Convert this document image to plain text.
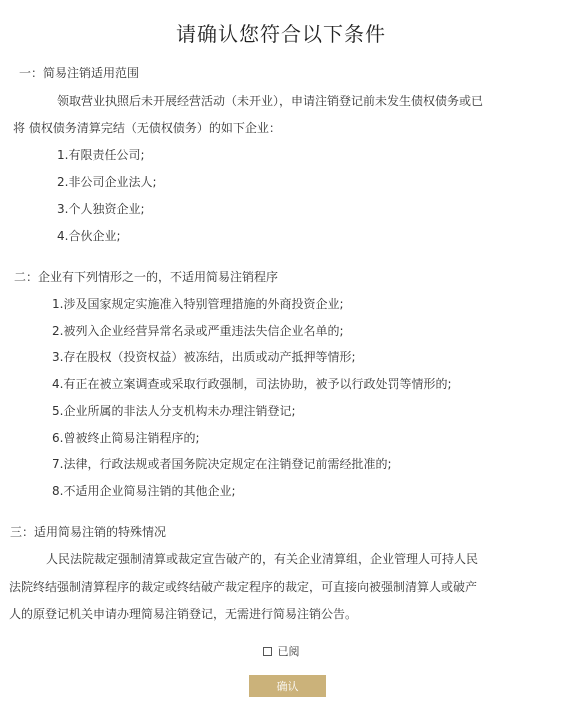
请确认您符合以下条件
一：简易注销适用范围
领取营业执照后未开展经营活动（未开业），申请注销登记前未发生债权债务或已
将 债权债务清算完结（无债权债务）的如下企业：
1.有限责任公司;
2.非公司企业法人;
3.个人独资企业;
4.合伙企业;
二：企业有下列情形之一的，不适用简易注销程序
1.涉及国家规定实施准入特别管理措施的外商投资企业;
2.被列入企业经营异常名录或严重违法失信企业名单的;
3.存在股权（投资权益）被冻结，出质或动产抵押等情形;
4.有正在被立案调查或采取行政强制，司法协助，被予以行政处罚等情形的;
5.企业所属的非法人分支机构未办理注销登记;
6.曾被终止简易注销程序的;
7.法律，行政法规或者国务院决定规定在注销登记前需经批准的;
8.不适用企业简易注销的其他企业;
三：适用简易注销的特殊情况
人民法院裁定强制清算或裁定宣告破产的，有关企业清算组，企业管理人可持人民
法院终结强制清算程序的裁定或终结破产裁定程序的裁定，可直接向被强制清算人或破产
人的原登记机关申请办理简易注销登记，无需进行简易注销公告。
已阅
确认
